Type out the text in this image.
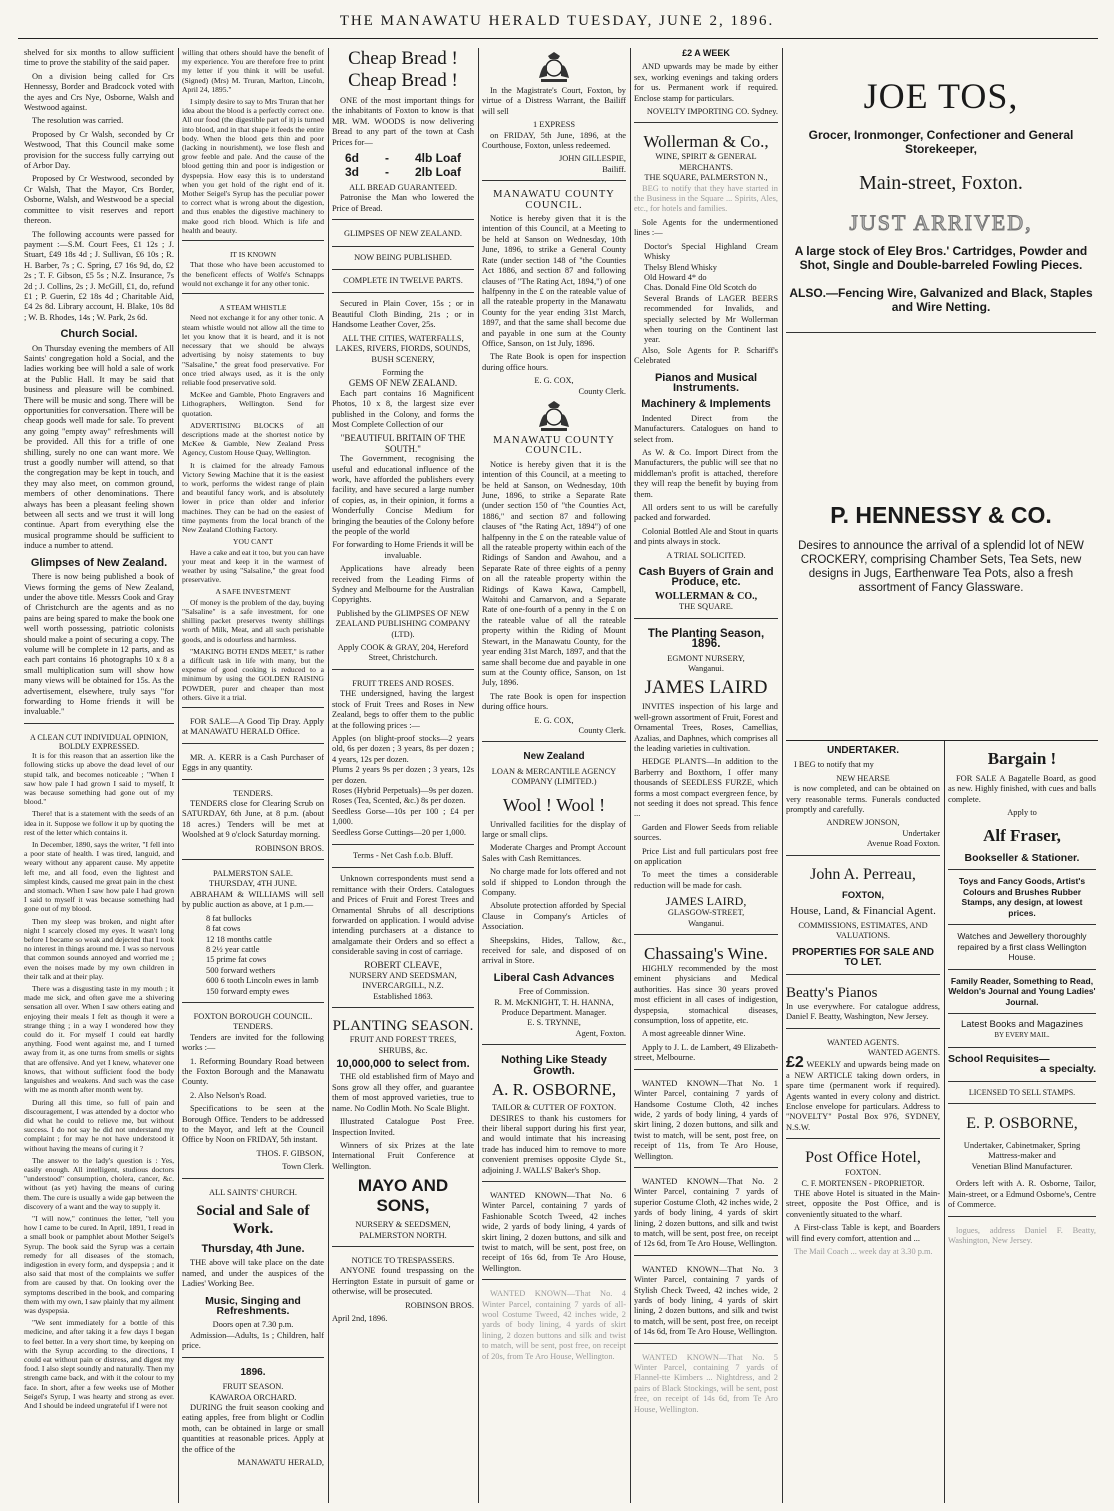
THE MANAWATU HERALD TUESDAY, JUNE 2, 1896.

shelved for six months to allow sufficient time to prove the stability of the said paper.

On a division being called for Crs Hennessy, Border and Bradcock voted with the ayes and Crs Nye, Osborne, Walsh and Westwood against.

The resolution was carried.

Proposed by Cr Walsh, seconded by Cr Westwood, That this Council make some provision for the success fully carrying out of Arbor Day.

Proposed by Cr Westwood, seconded by Cr Walsh, That the Mayor, Crs Border, Osborne, Walsh, and Westwood be a special committee to visit reserves and report thereon.

The following accounts were passed for payment :—S.M. Court Fees, £1 12s ; J. Stuart, £49 18s 4d ; J. Sullivan, £6 10s ; R. H. Barber, 7s ; C. Spring, £7 16s 9d, do, £2 2s ; T. F. Gibson, £5 5s ; N.Z. Insurance, 7s 2d ; J. Collins, 2s ; J. McGill, £1, do, refund £1 ; P. Guerin, £2 18s 4d ; Charitable Aid, £4 2s 8d. Library account, H. Blake, 10s 8d ; W. B. Rhodes, 14s ; W. Park, 2s 6d.

Church Social.

On Thursday evening the members of All Saints' congregation hold a Social, and the ladies working bee will hold a sale of work at the Public Hall. It may be said that business and pleasure will be combined. There will be music and song. There will be opportunities for conversation. There will be cheap goods well made for sale. To prevent any going "empty away" refreshments will be provided. All this for a trifle of one shilling, surely no one can want more. We trust a goodly number will attend, so that the congregation may be kept in touch, and they may also meet, on common ground, members of other denominations. There always has been a pleasant feeling shown between all sects and we trust it will long continue. Apart from everything else the musical programme should be sufficient to induce a number to attend.

Glimpses of New Zealand.

There is now being published a book of Views forming the gems of New Zealand, under the above title. Messrs Cook and Gray of Christchurch are the agents and as no pains are being spared to make the book one well worth possessing, patriotic colonists should make a point of securing a copy. The volume will be complete in 12 parts, and as each part contains 16 photographs 10 x 8 a small multiplication sum will show how many views will be obtained for 15s. As the advertisement, elsewhere, truly says "for forwarding to Home friends it will be invaluable."

A CLEAN CUT INDIVIDUAL OPINION, BOLDLY EXPRESSED.

It is for this reason that an assertion like the following sticks up above the dead level of our stupid talk, and becomes noticeable ; "When I saw how pale I had grown I said to myself, It was because something had gone out of my blood."

There! that is a statement with the seeds of an idea in it. Suppose we follow it up by quoting the rest of the letter which contains it.

In December, 1890, says the writer, "I fell into a poor state of health. I was tired, languid, and weary without any apparent cause. My appetite left me, and all food, even the lightest and simplest kinds, caused me great pain in the chest and stomach. When I saw how pale I had grown I said to myself it was because something had gone out of my blood.

Then my sleep was broken, and night after night I scarcely closed my eyes. It wasn't long before I became so weak and dejected that I took no interest in things around me. I was so nervous that common sounds annoyed and worried me ; even the noises made by my own children in their talk and at their play.

There was a disgusting taste in my mouth ; it made me sick, and often gave me a shivering sensation all over. When I saw others eating and enjoying their meals I felt as though it were a strange thing ; in a way I wondered how they could do it. For myself I could eat hardly anything. Food went against me, and I turned away from it, as one turns from smells or sights that are offensive. And yet I knew, whatever one knows, that without sufficient food the body languishes and weakens. And such was the case with me as month after month went by.

During all this time, so full of pain and discouragement, I was attended by a doctor who did what he could to relieve me, but without success. I do not say he did not understand my complaint ; for may he not have understood it without having the means of curing it ?

The answer to the lady's question is : Yes, easily enough. All intelligent, studious doctors "understood" consumption, cholera, cancer, &c. without (as yet) having the means of curing them. The cure is usually a wide gap between the discovery of a want and the way to supply it.

"I will now," continues the letter, "tell you how I came to be cured. In April, 1891, I read in a small book or pamphlet about Mother Seigel's Syrup. The book said the Syrup was a certain remedy for all diseases of the stomach, indigestion in every form, and dyspepsia ; and it also said that most of the complaints we suffer from are caused by that. On looking over the symptoms described in the book, and comparing them with my own, I saw plainly that my ailment was dyspepsia.

"We sent immediately for a bottle of this medicine, and after taking it a few days I began to feel better. In a very short time, by keeping on with the Syrup according to the directions, I could eat without pain or distress, and digest my food. I also slept soundly and naturally. Then my strength came back, and with it the colour to my face. In short, after a few weeks use of Mother Seigel's Syrup, I was hearty and strong as ever. And I should be indeed ungrateful if I were not

willing that others should have the benefit of my experience. You are therefore free to print my letter if you think it will be useful. (Signed) (Mrs) M. Truran, Marlton, Lincoln, April 24, 1895."

I simply desire to say to Mrs Truran that her idea about the blood is a perfectly correct one. All our food (the digestible part of it) is turned into blood, and in that shape it feeds the entire body. When the blood gets thin and poor (lacking in nourishment), we lose flesh and grow feeble and pale. And the cause of the blood getting thin and poor is indigestion or dyspepsia. How easy this is to understand when you get hold of the right end of it. Mother Seigel's Syrup has the peculiar power to correct what is wrong about the digestion, and thus enables the digestive machinery to make good rich blood. Which is life and health and beauty.

IT IS KNOWN

That those who have been accustomed to the beneficent effects of Wolfe's Schnapps would not exchange it for any other tonic.

A STEAM WHISTLE

Need not exchange it for any other tonic. A steam whistle would not allow all the time to let you know that it is heard, and it is not necessary that we should be always advertising by noisy statements to buy "Salsaline," the great food preservative. For once tried always used, as it is the only reliable food preservative sold.

McKee and Gamble, Photo Engravers and Lithographers, Wellington. Send for quotation.

ADVERTISING BLOCKS of all descriptions made at the shortest notice by McKee & Gamble, New Zealand Press Agency, Custom House Quay, Wellington.

It is claimed for the already Famous Victory Sewing Machine that it is the easiest to work, performs the widest range of plain and beautiful fancy work, and is absolutely lower in price than older and inferior machines. They can be had on the easiest of time payments from the local branch of the New Zealand Clothing Factory.

YOU CAN'T

Have a cake and eat it too, but you can have your meat and keep it in the warmest of weather by using "Salsaline," the great food preservative.

A SAFE INVESTMENT

Of money is the problem of the day, buying "Salsaline" is a safe investment, for one shilling packet preserves twenty shillings worth of Milk, Meat, and all such perishable goods, and is odourless and harmless.

"MAKING BOTH ENDS MEET," is rather a difficult task in life with many, but the expense of good cooking is reduced to a minimum by using the GOLDEN RAISING POWDER, purer and cheaper than most others. Give it a trial.

FOR SALE—A Good Tip Dray. Apply at MANAWATU HERALD Office.

MR. A. KERR is a Cash Purchaser of Eggs in any quantity.

TENDERS.

TENDERS close for Clearing Scrub on SATURDAY, 6th June, at 8 p.m. (about 18 acres.) Tenders will be met at Woolshed at 9 o'clock Saturday morning.

ROBINSON BROS.

PALMERSTON SALE.
THURSDAY, 4TH JUNE.

ABRAHAM & WILLIAMS will sell by public auction as above, at 1 p.m.—

8 fat bullocks
8 fat cows
12 18 months cattle
8 2½ year cattle
15 prime fat cows
500 forward wethers
600 6 tooth Lincoln ewes in lamb
150 forward empty ewes
FOXTON BOROUGH COUNCIL.
TENDERS.

Tenders are invited for the following works :—

1. Reforming Boundary Road between the Foxton Borough and the Manawatu County.

2. Also Nelson's Road.

Specifications to be seen at the Borough Office. Tenders to be addressed to the Mayor, and left at the Council Office by Noon on FRIDAY, 5th instant.

THOS. F. GIBSON,

Town Clerk.

ALL SAINTS' CHURCH.
Social and Sale of Work.
Thursday, 4th June.

THE above will take place on the date named, and under the auspices of the Ladies' Working Bee.

Music, Singing and Refreshments.
Doors open at 7.30 p.m.

Admission—Adults, 1s ; Children, half price.

1896.
FRUIT SEASON.
KAWAROA ORCHARD.

DURING the fruit season cooking and eating apples, free from blight or Codlin moth, can be obtained in large or small quantities at reasonable prices. Apply at the office of the

MANAWATU HERALD,

Cheap Bread !
Cheap Bread !

ONE of the most important things for the inhabitants of Foxton to know is that MR. WM. WOODS is now delivering Bread to any part of the town at Cash Prices for—

6d - 4lb Loaf
3d - 2lb Loaf
ALL BREAD GUARANTEED.

Patronise the Man who lowered the Price of Bread.

GLIMPSES OF NEW ZEALAND.
NOW BEING PUBLISHED.
COMPLETE IN TWELVE PARTS.

Secured in Plain Cover, 15s ; or in Beautiful Cloth Binding, 21s ; or in Handsome Leather Cover, 25s.

ALL THE CITIES, WATERFALLS, LAKES, RIVERS, FIORDS, SOUNDS, BUSH SCENERY,

Forming the
GEMS OF NEW ZEALAND.

Each part contains 16 Magnificent Photos, 10 x 8, the largest size ever published in the Colony, and forms the Most Complete Collection of our

"BEAUTIFUL BRITAIN OF THE SOUTH."

The Government, recognising the useful and educational influence of the work, have afforded the publishers every facility, and have secured a large number of copies, as, in their opinion, it forms a Wonderfully Concise Medium for bringing the beauties of the Colony before the people of the world

For forwarding to Home Friends it will be invaluable.

Applications have already been received from the Leading Firms of Sydney and Melbourne for the Australian Copyrights.

Published by the GLIMPSES OF NEW ZEALAND PUBLISHING COMPANY (LTD).

Apply COOK & GRAY, 204, Hereford Street, Christchurch.

FRUIT TREES AND ROSES.

THE undersigned, having the largest stock of Fruit Trees and Roses in New Zealand, begs to offer them to the public at the following prices :—

Apples (on blight-proof stocks—2 years old, 6s per dozen ; 3 years, 8s per dozen ; 4 years, 12s per dozen.
Plums 2 years 9s per dozen ; 3 years, 12s per dozen.
Roses (Hybrid Perpetuals)—9s per dozen.
Roses (Tea, Scented, &c.) 8s per dozen.
Seedless Gorse—10s per 100 ; £4 per 1,000.
Seedless Gorse Cuttings—20 per 1,000.
Terms - Net Cash f.o.b. Bluff.

Unknown correspondents must send a remittance with their Orders. Catalogues and Prices of Fruit and Forest Trees and Ornamental Shrubs of all descriptions forwarded on application. I would advise intending purchasers at a distance to amalgamate their Orders and so effect a considerable saving in cost of carriage.

ROBERT CLEAVE,
NURSERY AND SEEDSMAN,
INVERCARGILL, N.Z.
Established 1863.
PLANTING SEASON.
FRUIT AND FOREST TREES, SHRUBS, &c.
10,000,000 to select from.

THE old established firm of Mayo and Sons grow all they offer, and guarantee them of most approved varieties, true to name. No Codlin Moth. No Scale Blight.

Illustrated Catalogue Post Free. Inspection Invited.

Winners of six Prizes at the late International Fruit Conference at Wellington.

MAYO AND SONS,
NURSERY & SEEDSMEN, PALMERSTON NORTH.
NOTICE TO TRESPASSERS.

ANYONE found trespassing on the Herrington Estate in pursuit of game or otherwise, will be prosecuted.

ROBINSON BROS.

April 2nd, 1896.

In the Magistrate's Court, Foxton, by virtue of a Distress Warrant, the Bailiff will sell

1 EXPRESS

on FRIDAY, 5th June, 1896, at the Courthouse, Foxton, unless redeemed.

JOHN GILLESPIE,
Bailiff.
MANAWATU COUNTY COUNCIL.

Notice is hereby given that it is the intention of this Council, at a Meeting to be held at Sanson on Wednesday, 10th June, 1896, to strike a General County Rate (under section 148 of "the Counties Act 1886, and section 87 and following clauses of "The Rating Act, 1894,") of one halfpenny in the £ on the rateable value of all the rateable property in the Manawatu County for the year ending 31st March, 1897, and that the same shall become due and payable in one sum at the County Office, Sanson, on 1st July, 1896.

The Rate Book is open for inspection during office hours.

E. G. COX,
County Clerk.
MANAWATU COUNTY COUNCIL.

Notice is hereby given that it is the intention of this Council, at a meeting to be held at Sanson, on Wednesday, 10th June, 1896, to strike a Separate Rate (under section 150 of "the Counties Act, 1886," and section 87 and following clauses of "the Rating Act, 1894") of one halfpenny in the £ on the rateable value of all the rateable property within each of the Ridings of Sandon and Awahou, and a Separate Rate of three eights of a penny on all the rateable property within the Ridings of Kawa Kawa, Campbell, Waitohi and Carnarvon, and a Separate Rate of one-fourth of a penny in the £ on the rateable value of all the rateable property within the Riding of Mount Stewart, in the Manawatu County, for the year ending 31st March, 1897, and that the same shall become due and payable in one sum at the County office, Sanson, on 1st July, 1896.

The rate Book is open for inspection during office hours.

E. G. COX,
County Clerk.
New Zealand
LOAN & MERCANTILE AGENCY COMPANY (LIMITED.)
Wool ! Wool !

Unrivalled facilities for the display of large or small clips.

Moderate Charges and Prompt Account Sales with Cash Remittances.

No charge made for lots offered and not sold if shipped to London through the Company.

Absolute protection afforded by Special Clause in Company's Articles of Association.

Sheepskins, Hides, Tallow, &c., received for sale, and disposed of on arrival in Store.

Liberal Cash Advances
Free of Commission.
R. M. McKNIGHT, T. H. HANNA,
Produce Department. Manager.
E. S. TRYNNE,
Agent, Foxton.
Nothing Like Steady Growth.
A. R. OSBORNE,
TAILOR & CUTTER OF FOXTON.

DESIRES to thank his customers for their liberal support during his first year, and would intimate that his increasing trade has induced him to remove to more convenient premises opposite Clyde St., adjoining J. WALLS' Baker's Shop.

WANTED KNOWN—That No. 6 Winter Parcel, containing 7 yards of Fashionable Scotch Tweed, 42 inches wide, 2 yards of body lining, 4 yards of skirt lining, 2 dozen buttons, and silk and twist to match, will be sent, post free, on receipt of 16s 6d, from Te Aro House, Wellington.

WANTED KNOWN—That No. 4 Winter Parcel, containing 7 yards of all-wool Costume Tweed, 42 inches wide, 2 yards of body lining, 4 yards of skirt lining, 2 dozen buttons and silk and twist to match, will be sent, post free, on receipt of 20s, from Te Aro House, Wellington.

£2 A WEEK

AND upwards may be made by either sex, working evenings and taking orders for us. Permanent work if required. Enclose stamp for particulars.

NOVELTY IMPORTING CO. Sydney.
Wollerman & Co.,
WINE, SPIRIT & GENERAL MERCHANTS.
THE SQUARE, PALMERSTON N.,

BEG to notify that they have started in the Business in the Square ... Spirits, Ales, etc., for hotels and families.

Sole Agents for the undermentioned lines :—

Doctor's Special Highland Cream Whisky
Thelsy Blend Whisky
Old Howard 4* do
Chas. Donald Fine Old Scotch do
Several Brands of LAGER BEERS recommended for Invalids, and specially selected by Mr Wollerman when touring on the Continent last year.

Also, Sole Agents for P. Schariff's Celebrated

Pianos and Musical Instruments.
Machinery & Implements

Indented Direct from the Manufacturers. Catalogues on hand to select from.

As W. & Co. Import Direct from the Manufacturers, the public will see that no middleman's profit is attached, therefore they will reap the benefit by buying from them.

All orders sent to us will be carefully packed and forwarded.

Colonial Bottled Ale and Stout in quarts and pints always in stock.

A TRIAL SOLICITED.
Cash Buyers of Grain and Produce, etc.
WOLLERMAN & CO.,
THE SQUARE.
The Planting Season, 1896.
EGMONT NURSERY,
Wanganui.
JAMES LAIRD

INVITES inspection of his large and well-grown assortment of Fruit, Forest and Ornamental Trees, Roses, Camellias, Azalias, and Daphnes, which comprises all the leading varieties in cultivation.

HEDGE PLANTS—In addition to the Barberry and Boxthorn, I offer many thousands of SEEDLESS FURZE, which forms a most compact evergreen fence, by not seeding it does not spread. This fence ...

Garden and Flower Seeds from reliable sources.

Price List and full particulars post free on application

To meet the times a considerable reduction will be made for cash.

JAMES LAIRD,
GLASGOW-STREET,
Wanganui.
Chassaing's Wine.

HIGHLY recommended by the most eminent physicians and Medical authorities. Has since 30 years proved most efficient in all cases of indigestion, dyspepsia, stomachical diseases, consumption, loss of appetite, etc.

A most agreeable dinner Wine.

Apply to J. L. de Lambert, 49 Elizabeth-street, Melbourne.

WANTED KNOWN—That No. 1 Winter Parcel, containing 7 yards of Handsome Costume Cloth, 42 inches wide, 2 yards of body lining, 4 yards of skirt lining, 2 dozen buttons, and silk and twist to match, will be sent, post free, on receipt of 11s, from Te Aro House, Wellington.

WANTED KNOWN—That No. 2 Winter Parcel, containing 7 yards of superior Costume Cloth, 42 inches wide, 2 yards of body lining, 4 yards of skirt lining, 2 dozen buttons, and silk and twist to match, will be sent, post free, on receipt of 12s 6d, from Te Aro House, Wellington.

WANTED KNOWN—That No. 3 Winter Parcel, containing 7 yards of Stylish Check Tweed, 42 inches wide, 2 yards of body lining, 4 yards of skirt lining, 2 dozen buttons, and silk and twist to match, will be sent, post free, on receipt of 14s 6d, from Te Aro House, Wellington.

WANTED KNOWN—That No. 5 Winter Parcel, containing 7 yards of Flannel-tte Kimbers ... Nightdress, and 2 pairs of Black Stockings, will be sent, post free, on receipt of 14s 6d, from Te Aro House, Wellington.

JOE TOS,
Grocer, Ironmonger, Confectioner and General Storekeeper,
Main-street, Foxton.
JUST ARRIVED,
A large stock of Eley Bros.' Cartridges, Powder and Shot, Single and Double-barreled Fowling Pieces.
ALSO.—Fencing Wire, Galvanized and Black, Staples and Wire Netting.
P. HENNESSY & CO.
Desires to announce the arrival of a splendid lot of NEW CROCKERY, comprising Chamber Sets, Tea Sets, new designs in Jugs, Earthenware Tea Pots, also a fresh assortment of Fancy Glassware.
UNDERTAKER.

I BEG to notify that my

NEW HEARSE

is now completed, and can be obtained on very reasonable terms. Funerals conducted promptly and carefully.

ANDREW JONSON,
Undertaker
Avenue Road Foxton.
John A. Perreau,
FOXTON,
House, Land, & Financial Agent.
COMMISSIONS, ESTIMATES, AND VALUATIONS.
PROPERTIES FOR SALE AND TO LET.
Beatty's Pianos

In use everywhere. For catalogue address, Daniel F. Beatty, Washington, New Jersey.

WANTED AGENTS.
WANTED AGENTS.
£2 WEEKLY and upwards being made on a NEW ARTICLE taking down orders, in spare time (permanent work if required). Agents wanted in every colony and district. Enclose envelope for particulars. Address to "NOVELTY" Postal Box 976, SYDNEY, N.S.W.

Post Office Hotel,
FOXTON.
C. F. MORTENSEN - PROPRIETOR.

THE above Hotel is situated in the Main-street, opposite the Post Office, and is conveniently situated to the wharf.

A First-class Table is kept, and Boarders will find every comfort, attention and ...

The Mail Coach ... week day at 3.30 p.m.

Bargain !

FOR SALE A Bagatelle Board, as good as new. Highly finished, with cues and balls complete.

Apply to
Alf Fraser,
Bookseller & Stationer.
Toys and Fancy Goods, Artist's Colours and Brushes Rubber Stamps, any design, at lowest prices.
Watches and Jewellery thoroughly repaired by a first class Wellington House.
Family Reader, Something to Read, Weldon's Journal and Young Ladies' Journal.
Latest Books and Magazines
BY EVERY MAIL.
School Requisites—
a specialty.
LICENSED TO SELL STAMPS.
E. P. OSBORNE,
Undertaker, Cabinetmaker, Spring
Mattress-maker and
Venetian Blind Manufacturer.

Orders left with A. R. Osborne, Tailor, Main-street, or a Edmund Osborne's, Centre of Commerce.

logues, address Daniel F. Beatty, Washington, New Jersey.
